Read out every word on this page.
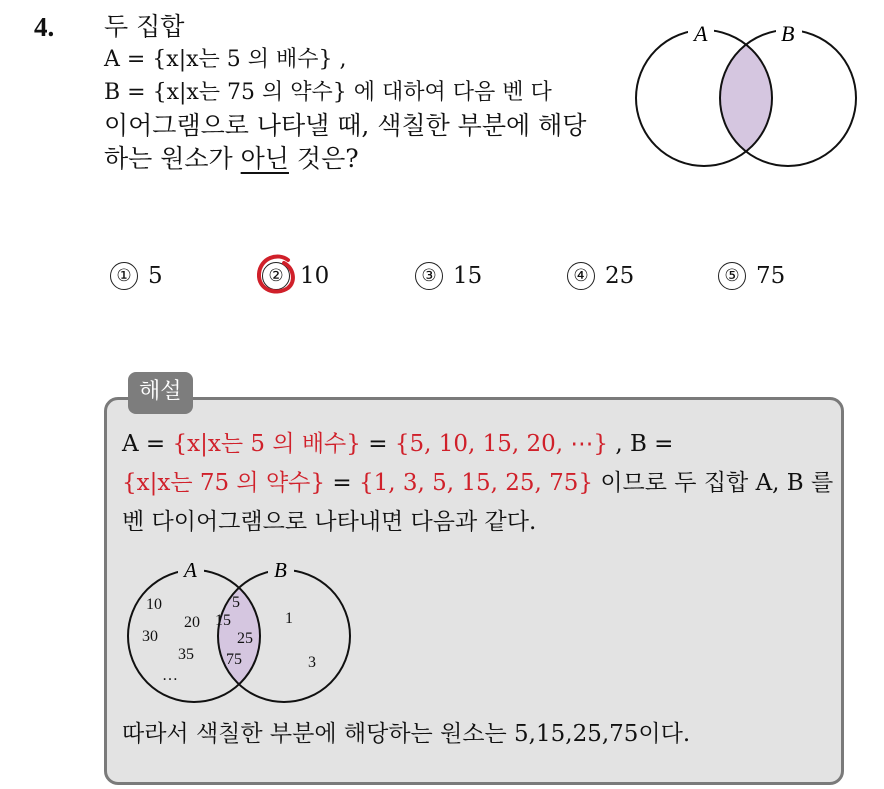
4. 두 집합
A = {x|x는 5 의 배수} ,
B = {x|x는 75 의 약수} 에 대하여 다음 벤 다
이어그램으로 나타낼 때, 색칠한 부분에 해당
하는 원소가 아닌 것은?
A	B
① 5	② 10	③ 15	④ 25	⑤ 75
해설
A = {x|x는 5 의 배수} = {5, 10, 15, 20, ⋯} , B =
{x|x는 75 의 약수} = {1, 3, 5, 15, 25, 75} 이므로 두 집합 A, B 를
벤 다이어그램으로 나타내면 다음과 같다.
A	B
10
20
30
35
…
5
15
25
75
1
3
따라서 색칠한 부분에 해당하는 원소는 5,15,25,75이다.
